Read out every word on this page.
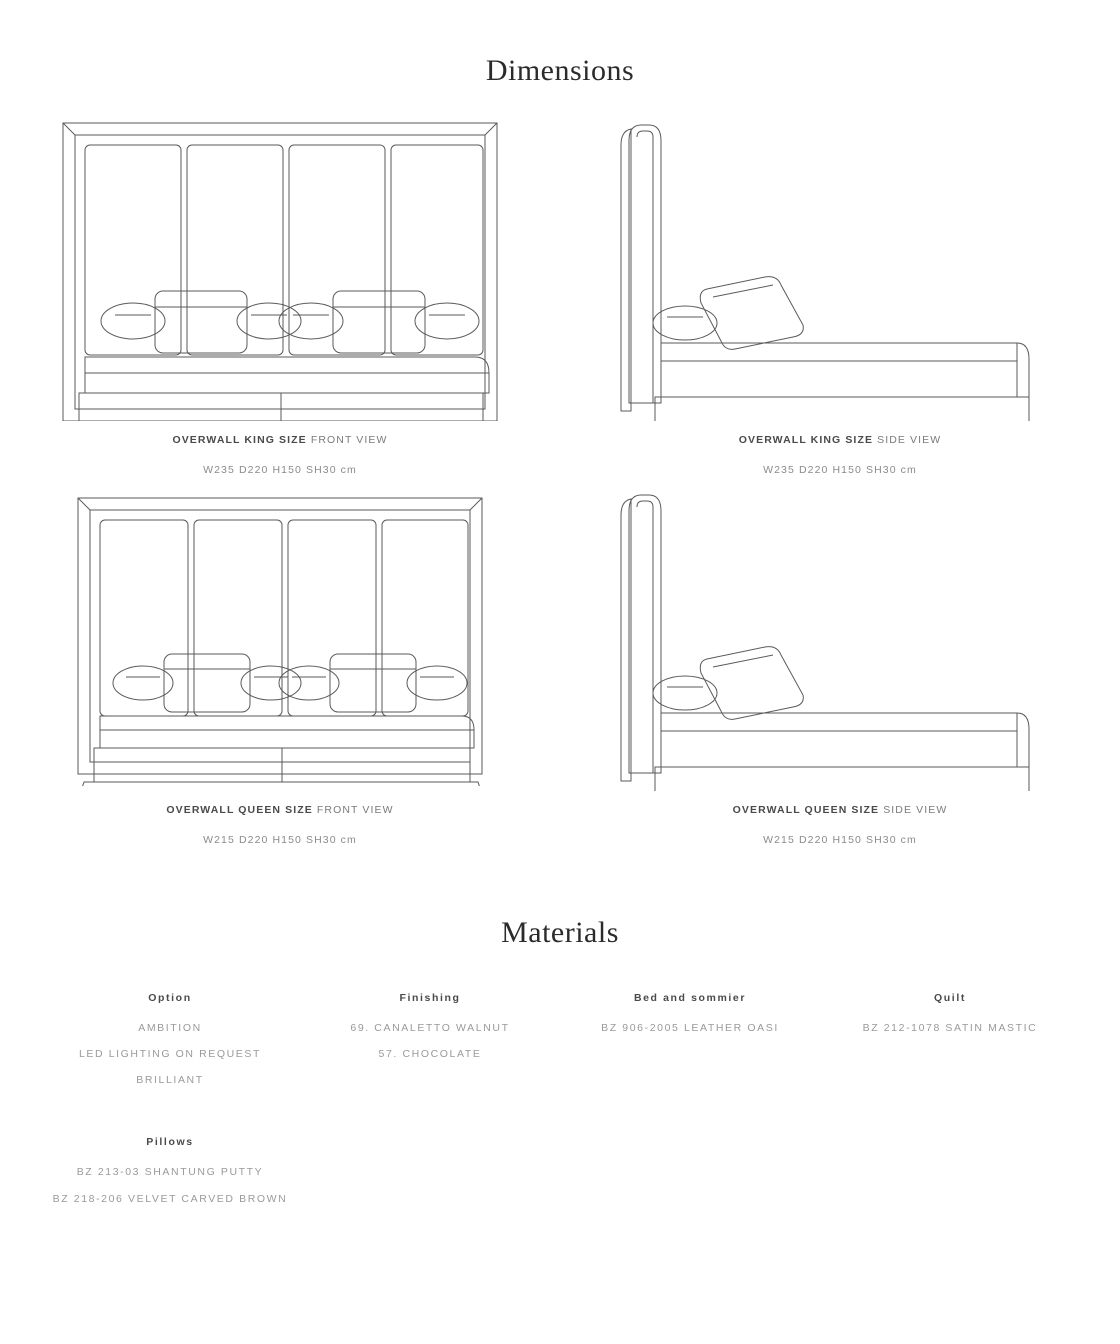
Dimensions
OVERWALL KING SIZE FRONT VIEW
W235 D220 H150 SH30 cm
OVERWALL KING SIZE SIDE VIEW
W235 D220 H150 SH30 cm
OVERWALL QUEEN SIZE FRONT VIEW
W215 D220 H150 SH30 cm
OVERWALL QUEEN SIZE SIDE VIEW
W215 D220 H150 SH30 cm
Materials
Option
AMBITION
LED LIGHTING ON REQUEST
BRILLIANT
Finishing
69. CANALETTO WALNUT
57. CHOCOLATE
Bed and sommier
BZ 906-2005 LEATHER OASI
Quilt
BZ 212-1078 SATIN MASTIC
Pillows
BZ 213-03 SHANTUNG PUTTY
BZ 218-206 VELVET CARVED BROWN
